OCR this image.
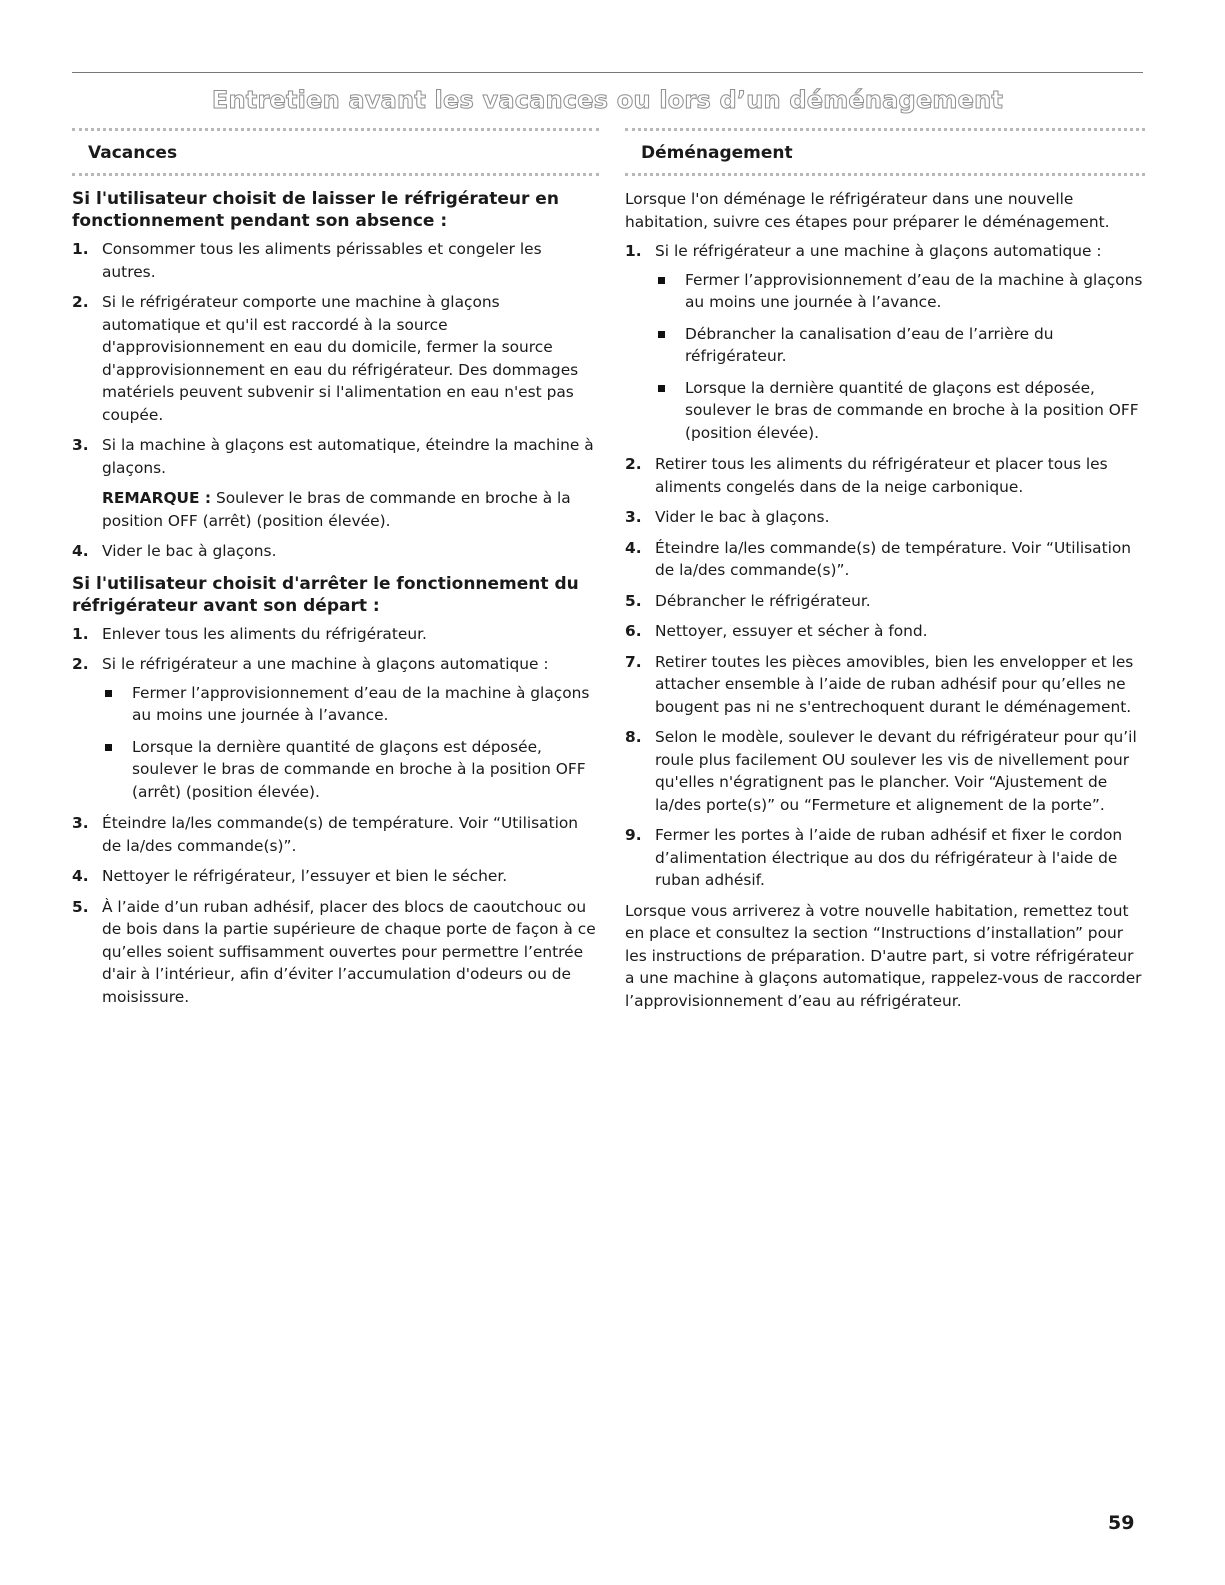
Entretien avant les vacances ou lors d’un déménagement
Vacances
Si l'utilisateur choisit de laisser le réfrigérateur en fonctionnement pendant son absence :
1. Consommer tous les aliments périssables et congeler les autres.
2. Si le réfrigérateur comporte une machine à glaçons automatique et qu'il est raccordé à la source d'approvisionnement en eau du domicile, fermer la source d'approvisionnement en eau du réfrigérateur. Des dommages matériels peuvent subvenir si l'alimentation en eau n'est pas coupée.
3. Si la machine à glaçons est automatique, éteindre la machine à glaçons.
REMARQUE : Soulever le bras de commande en broche à la position OFF (arrêt) (position élevée).
4. Vider le bac à glaçons.
Si l'utilisateur choisit d'arrêter le fonctionnement du réfrigérateur avant son départ :
1. Enlever tous les aliments du réfrigérateur.
2. Si le réfrigérateur a une machine à glaçons automatique :
Fermer l’approvisionnement d’eau de la machine à glaçons au moins une journée à l’avance.
Lorsque la dernière quantité de glaçons est déposée, soulever le bras de commande en broche à la position OFF (arrêt) (position élevée).
3. Éteindre la/les commande(s) de température. Voir “Utilisation de la/des commande(s)”.
4. Nettoyer le réfrigérateur, l’essuyer et bien le sécher.
5. À l’aide d’un ruban adhésif, placer des blocs de caoutchouc ou de bois dans la partie supérieure de chaque porte de façon à ce qu’elles soient suffisamment ouvertes pour permettre l’entrée d'air à l’intérieur, afin d’éviter l’accumulation d'odeurs ou de moisissure.
Déménagement
Lorsque l'on déménage le réfrigérateur dans une nouvelle habitation, suivre ces étapes pour préparer le déménagement.
1. Si le réfrigérateur a une machine à glaçons automatique :
Fermer l’approvisionnement d’eau de la machine à glaçons au moins une journée à l’avance.
Débrancher la canalisation d’eau de l’arrière du réfrigérateur.
Lorsque la dernière quantité de glaçons est déposée, soulever le bras de commande en broche à la position OFF (position élevée).
2. Retirer tous les aliments du réfrigérateur et placer tous les aliments congelés dans de la neige carbonique.
3. Vider le bac à glaçons.
4. Éteindre la/les commande(s) de température. Voir “Utilisation de la/des commande(s)”.
5. Débrancher le réfrigérateur.
6. Nettoyer, essuyer et sécher à fond.
7. Retirer toutes les pièces amovibles, bien les envelopper et les attacher ensemble à l’aide de ruban adhésif pour qu’elles ne bougent pas ni ne s'entrechoquent durant le déménagement.
8. Selon le modèle, soulever le devant du réfrigérateur pour qu’il roule plus facilement OU soulever les vis de nivellement pour qu'elles n'égratignent pas le plancher. Voir “Ajustement de la/des porte(s)” ou “Fermeture et alignement de la porte”.
9. Fermer les portes à l’aide de ruban adhésif et fixer le cordon d’alimentation électrique au dos du réfrigérateur à l'aide de ruban adhésif.
Lorsque vous arriverez à votre nouvelle habitation, remettez tout en place et consultez la section “Instructions d’installation” pour les instructions de préparation. D'autre part, si votre réfrigérateur a une machine à glaçons automatique, rappelez-vous de raccorder l’approvisionnement d’eau au réfrigérateur.
59
